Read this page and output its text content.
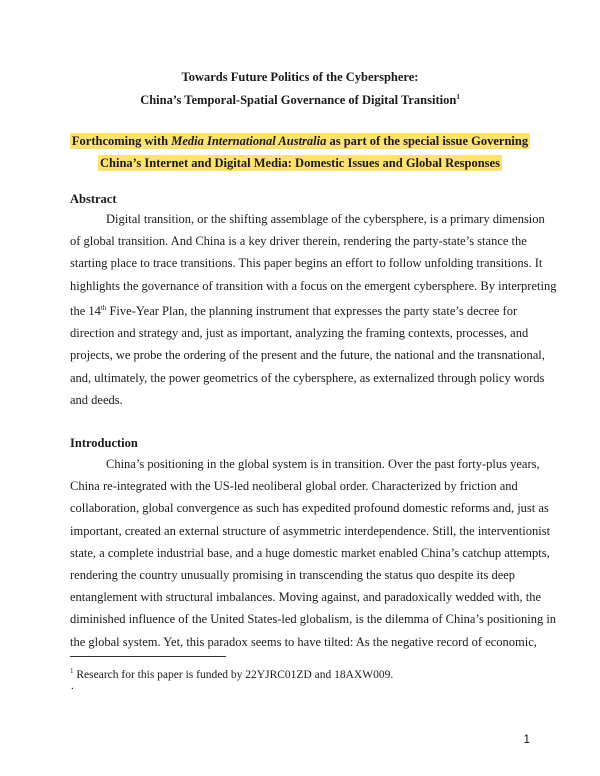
Towards Future Politics of the Cybersphere:
China’s Temporal-Spatial Governance of Digital Transition$^1$
Forthcoming with Media International Australia as part of the special issue Governing
China’s Internet and Digital Media: Domestic Issues and Global Responses
Abstract
Digital transition, or the shifting assemblage of the cybersphere, is a primary dimension
of global transition. And China is a key driver therein, rendering the party-state’s stance the
starting place to trace transitions. This paper begins an effort to follow unfolding transitions. It
highlights the governance of transition with a focus on the emergent cybersphere. By interpreting
the 14th Five-Year Plan, the planning instrument that expresses the party state’s decree for
direction and strategy and, just as important, analyzing the framing contexts, processes, and
projects, we probe the ordering of the present and the future, the national and the transnational,
and, ultimately, the power geometrics of the cybersphere, as externalized through policy words
and deeds.
Introduction
China’s positioning in the global system is in transition. Over the past forty-plus years,
China re-integrated with the US-led neoliberal global order. Characterized by friction and
collaboration, global convergence as such has expedited profound domestic reforms and, just as
important, created an external structure of asymmetric interdependence. Still, the interventionist
state, a complete industrial base, and a huge domestic market enabled China’s catchup attempts,
rendering the country unusually promising in transcending the status quo despite its deep
entanglement with structural imbalances. Moving against, and paradoxically wedded with, the
diminished influence of the United States-led globalism, is the dilemma of China’s positioning in
the global system. Yet, this paradox seems to have tilted: As the negative record of economic,
$^1$ Research for this paper is funded by 22YJRC01ZD and 18AXW009.
.
1
